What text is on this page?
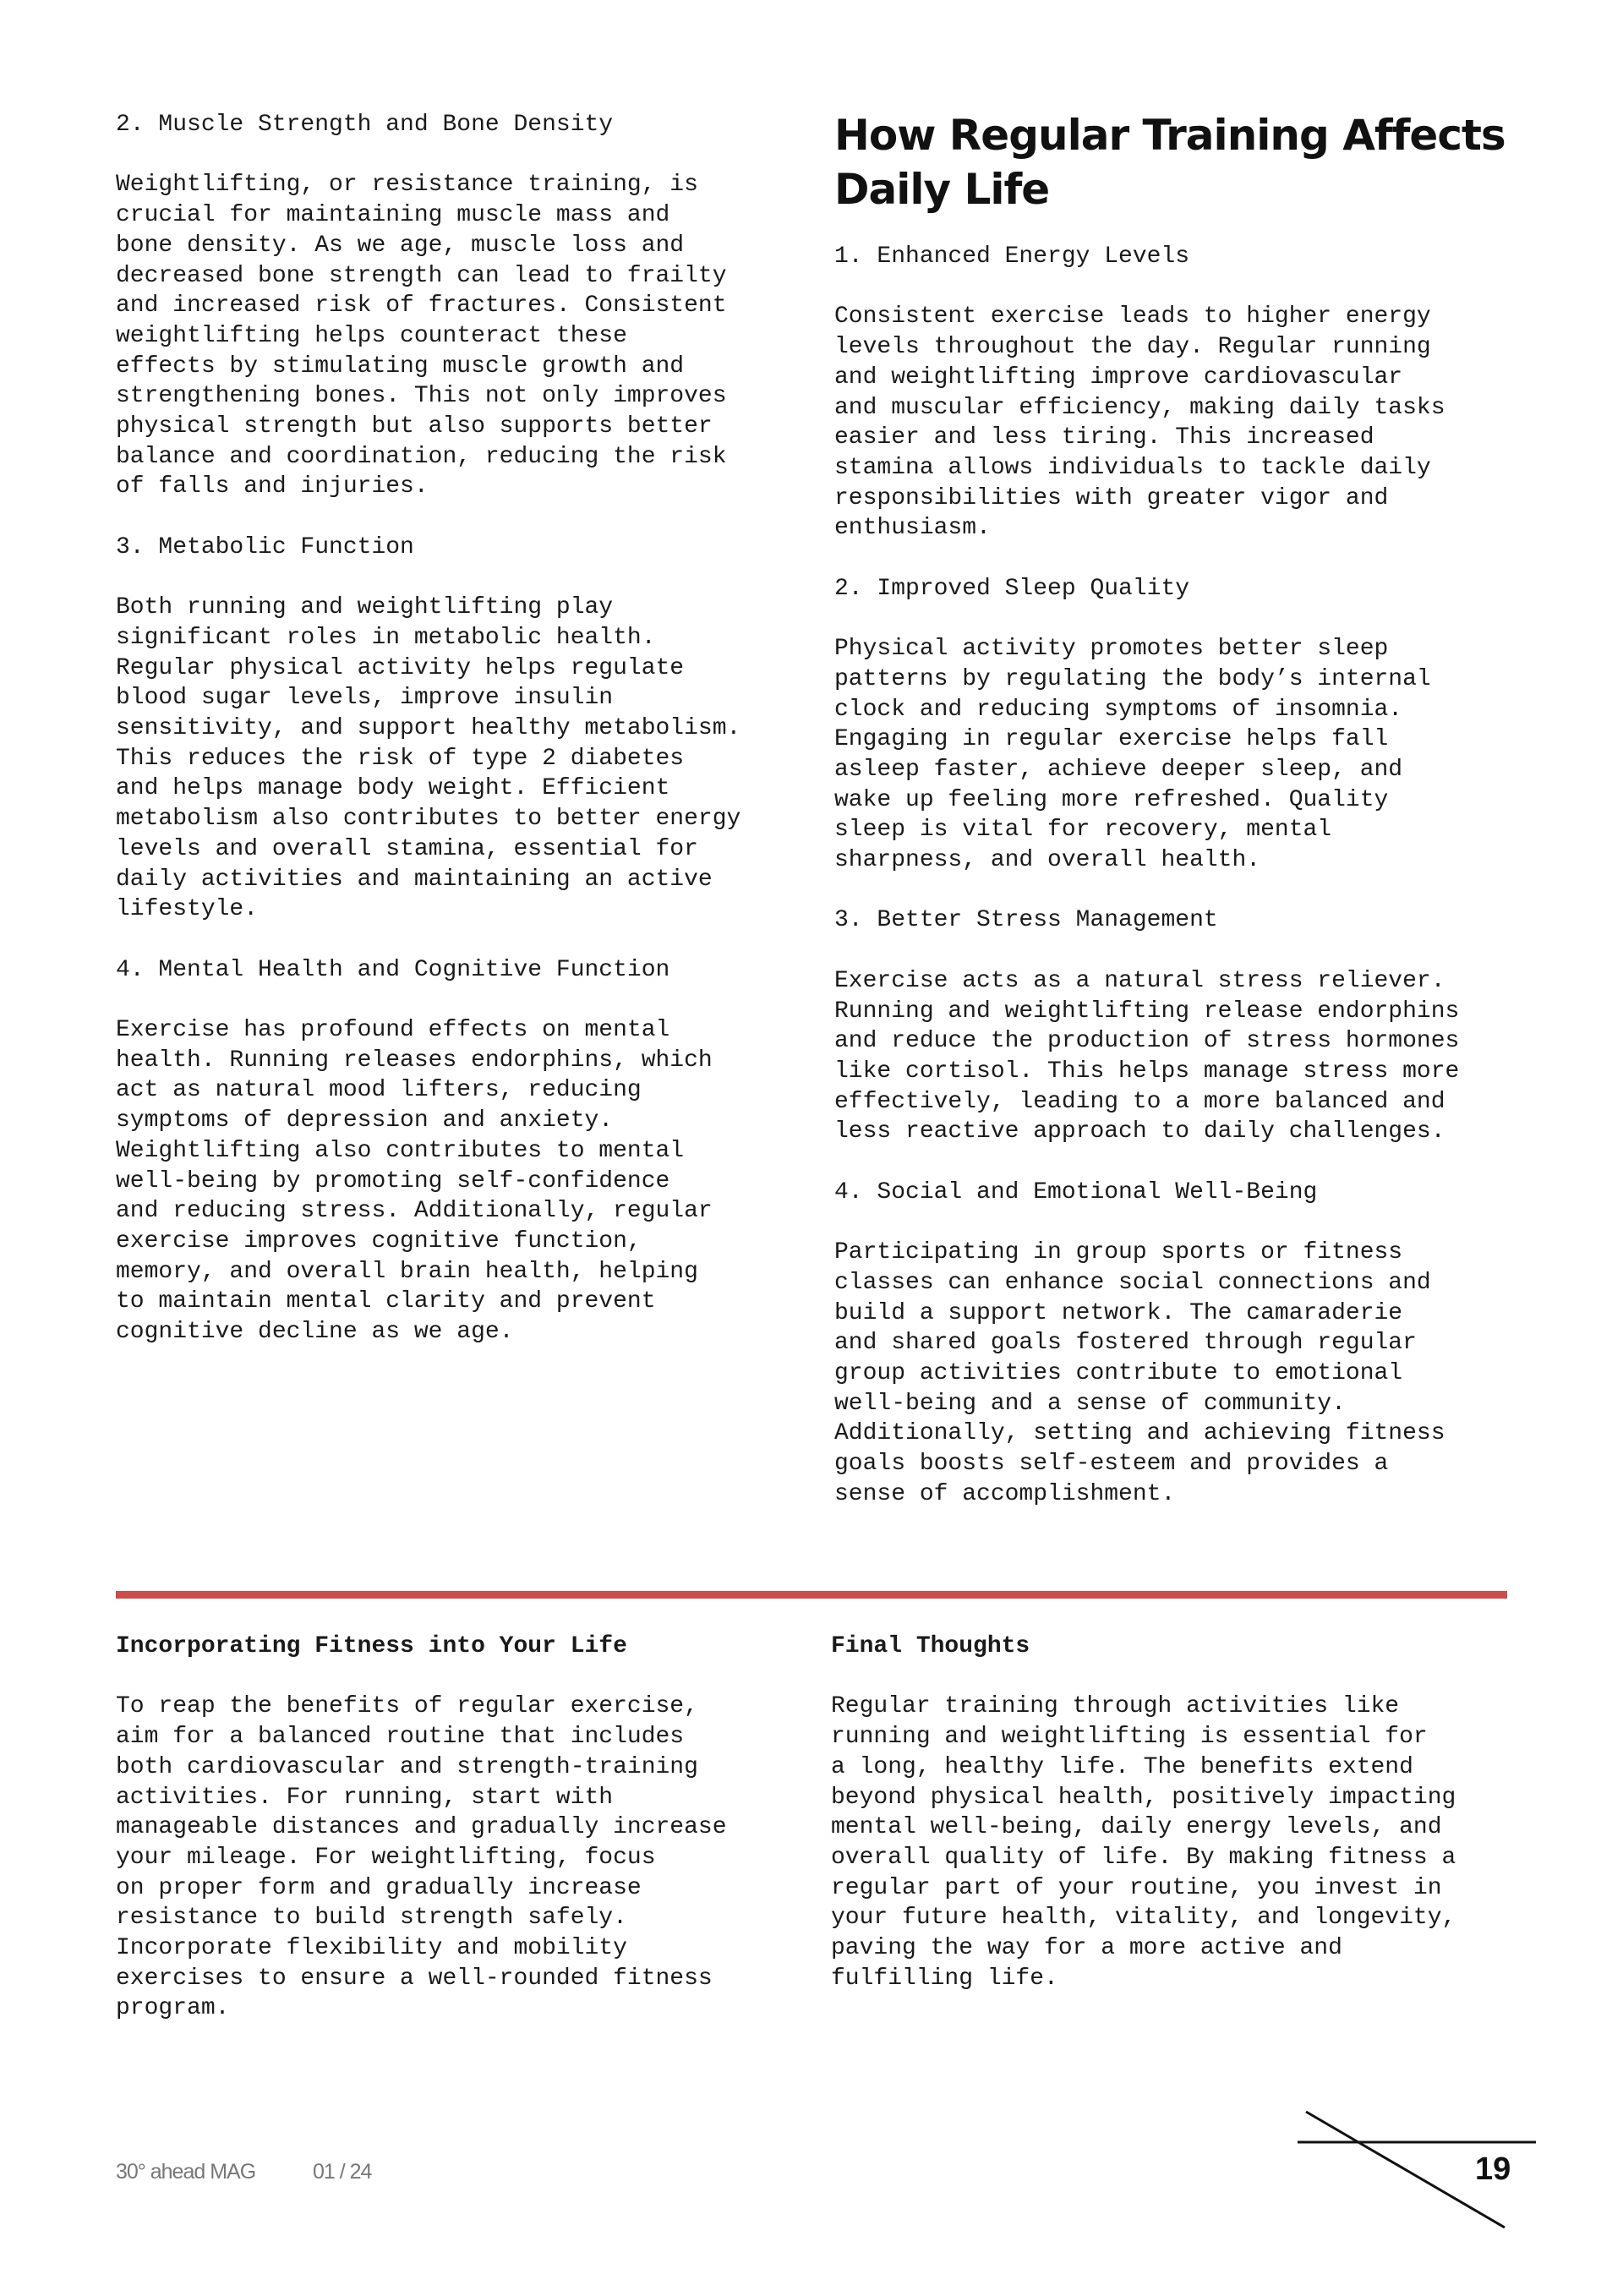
2. Muscle Strength and Bone Density

Weightlifting, or resistance training, is
crucial for maintaining muscle mass and
bone density. As we age, muscle loss and
decreased bone strength can lead to frailty
and increased risk of fractures. Consistent
weightlifting helps counteract these
effects by stimulating muscle growth and
strengthening bones. This not only improves
physical strength but also supports better
balance and coordination, reducing the risk
of falls and injuries.

3. Metabolic Function

Both running and weightlifting play
significant roles in metabolic health.
Regular physical activity helps regulate
blood sugar levels, improve insulin
sensitivity, and support healthy metabolism.
This reduces the risk of type 2 diabetes
and helps manage body weight. Efficient
metabolism also contributes to better energy
levels and overall stamina, essential for
daily activities and maintaining an active
lifestyle.

4. Mental Health and Cognitive Function

Exercise has profound effects on mental
health. Running releases endorphins, which
act as natural mood lifters, reducing
symptoms of depression and anxiety.
Weightlifting also contributes to mental
well-being by promoting self-confidence
and reducing stress. Additionally, regular
exercise improves cognitive function,
memory, and overall brain health, helping
to maintain mental clarity and prevent
cognitive decline as we age.

How Regular Training Affects
Daily Life

1. Enhanced Energy Levels

Consistent exercise leads to higher energy
levels throughout the day. Regular running
and weightlifting improve cardiovascular
and muscular efficiency, making daily tasks
easier and less tiring. This increased
stamina allows individuals to tackle daily
responsibilities with greater vigor and
enthusiasm.

2. Improved Sleep Quality

Physical activity promotes better sleep
patterns by regulating the body’s internal
clock and reducing symptoms of insomnia.
Engaging in regular exercise helps fall
asleep faster, achieve deeper sleep, and
wake up feeling more refreshed. Quality
sleep is vital for recovery, mental
sharpness, and overall health.

3. Better Stress Management

Exercise acts as a natural stress reliever.
Running and weightlifting release endorphins
and reduce the production of stress hormones
like cortisol. This helps manage stress more
effectively, leading to a more balanced and
less reactive approach to daily challenges.

4. Social and Emotional Well-Being

Participating in group sports or fitness
classes can enhance social connections and
build a support network. The camaraderie
and shared goals fostered through regular
group activities contribute to emotional
well-being and a sense of community.
Additionally, setting and achieving fitness
goals boosts self-esteem and provides a
sense of accomplishment.

Incorporating Fitness into Your Life

To reap the benefits of regular exercise,
aim for a balanced routine that includes
both cardiovascular and strength-training
activities. For running, start with
manageable distances and gradually increase
your mileage. For weightlifting, focus
on proper form and gradually increase
resistance to build strength safely.
Incorporate flexibility and mobility
exercises to ensure a well-rounded fitness
program.

Final Thoughts

Regular training through activities like
running and weightlifting is essential for
a long, healthy life. The benefits extend
beyond physical health, positively impacting
mental well-being, daily energy levels, and
overall quality of life. By making fitness a
regular part of your routine, you invest in
your future health, vitality, and longevity,
paving the way for a more active and
fulfilling life.

30° ahead MAG	01 / 24	19
